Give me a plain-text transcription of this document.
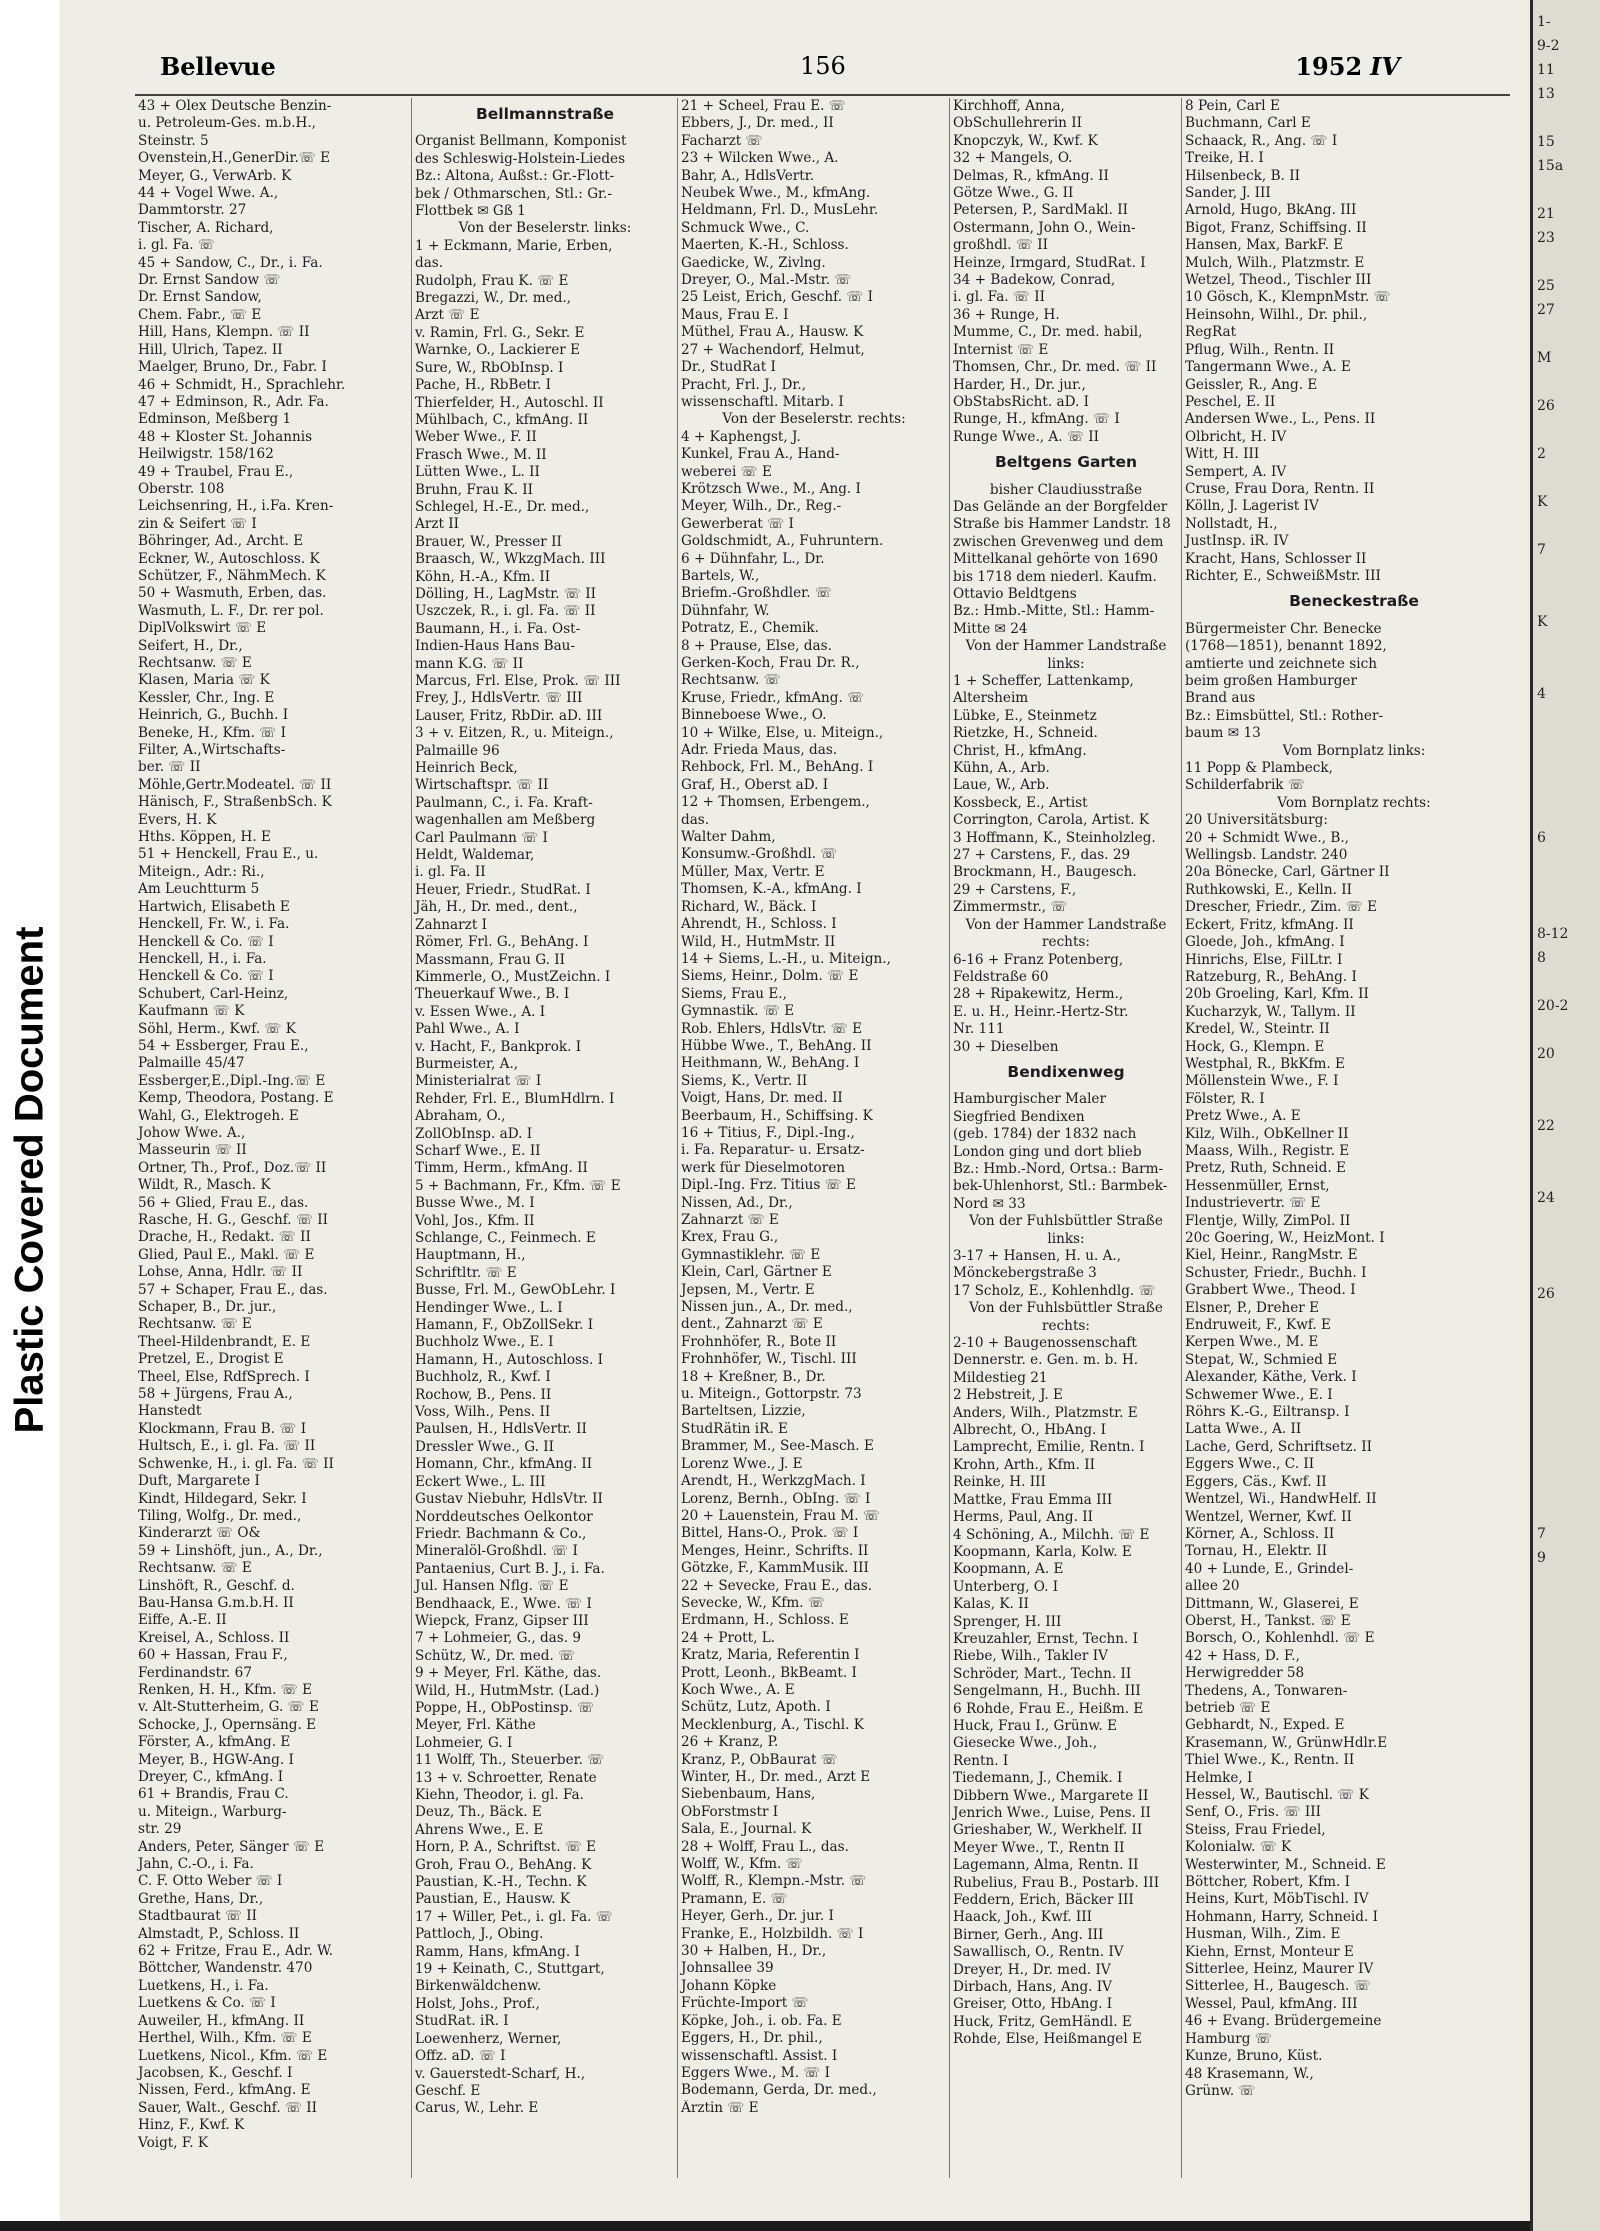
Plastic Covered Document
Bellevue	156	1952 IV
43 + Olex Deutsche Benzin-
u. Petroleum-Ges. m.b.H.,
Steinstr. 5
Ovenstein,H.,GenerDir.☏ E
Meyer, G., VerwArb. K
44 + Vogel Wwe. A.,
Dammtorstr. 27
Tischer, A. Richard,
i. gl. Fa. ☏
45 + Sandow, C., Dr., i. Fa.
Dr. Ernst Sandow ☏
Dr. Ernst Sandow,
Chem. Fabr., ☏ E
Hill, Hans, Klempn. ☏ II
Hill, Ulrich, Tapez. II
Maelger, Bruno, Dr., Fabr. I
46 + Schmidt, H., Sprachlehr.
47 + Edminson, R., Adr. Fa.
Edminson, Meßberg 1
48 + Kloster St. Johannis
Heilwigstr. 158/162
49 + Traubel, Frau E.,
Oberstr. 108
Leichsenring, H., i.Fa. Kren-
zin & Seifert ☏ I
Böhringer, Ad., Archt. E
Eckner, W., Autoschloss. K
Schützer, F., NähmMech. K
50 + Wasmuth, Erben, das.
Wasmuth, L. F., Dr. rer pol.
DiplVolkswirt ☏ E
Seifert, H., Dr.,
Rechtsanw. ☏ E
Klasen, Maria ☏ K
Kessler, Chr., Ing. E
Heinrich, G., Buchh. I
Beneke, H., Kfm. ☏ I
Filter, A.,Wirtschafts-
ber. ☏ II
Möhle,Gertr.Modeatel. ☏ II
Hänisch, F., StraßenbSch. K
Evers, H. K
Hths. Köppen, H. E
51 + Henckell, Frau E., u.
Miteign., Adr.: Ri.,
Am Leuchtturm 5
Hartwich, Elisabeth E
Henckell, Fr. W., i. Fa.
Henckell & Co. ☏ I
Henckell, H., i. Fa.
Henckell & Co. ☏ I
Schubert, Carl-Heinz,
Kaufmann ☏ K
Söhl, Herm., Kwf. ☏ K
54 + Essberger, Frau E.,
Palmaille 45/47
Essberger,E.,Dipl.-Ing.☏ E
Kemp, Theodora, Postang. E
Wahl, G., Elektrogeh. E
Johow Wwe. A.,
Masseurin ☏ II
Ortner, Th., Prof., Doz.☏ II
Wildt, R., Masch. K
56 + Glied, Frau E., das.
Rasche, H. G., Geschf. ☏ II
Drache, H., Redakt. ☏ II
Glied, Paul E., Makl. ☏ E
Lohse, Anna, Hdlr. ☏ II
57 + Schaper, Frau E., das.
Schaper, B., Dr. jur.,
Rechtsanw. ☏ E
Theel-Hildenbrandt, E. E
Pretzel, E., Drogist E
Theel, Else, RdfSprech. I
58 + Jürgens, Frau A.,
Hanstedt
Klockmann, Frau B. ☏ I
Hultsch, E., i. gl. Fa. ☏ II
Schwenke, H., i. gl. Fa. ☏ II
Duft, Margarete I
Kindt, Hildegard, Sekr. I
Tiling, Wolfg., Dr. med.,
Kinderarzt ☏ O&
59 + Linshöft, jun., A., Dr.,
Rechtsanw. ☏ E
Linshöft, R., Geschf. d.
Bau-Hansa G.m.b.H. II
Eiffe, A.-E. II
Kreisel, A., Schloss. II
60 + Hassan, Frau F.,
Ferdinandstr. 67
Renken, H. H., Kfm. ☏ E
v. Alt-Stutterheim, G. ☏ E
Schocke, J., Opernsäng. E
Förster, A., kfmAng. E
Meyer, B., HGW-Ang. I
Dreyer, C., kfmAng. I
61 + Brandis, Frau C.
u. Miteign., Warburg-
str. 29
Anders, Peter, Sänger ☏ E
Jahn, C.-O., i. Fa.
C. F. Otto Weber ☏ I
Grethe, Hans, Dr.,
Stadtbaurat ☏ II
Almstadt, P., Schloss. II
62 + Fritze, Frau E., Adr. W.
Böttcher, Wandenstr. 470
Luetkens, H., i. Fa.
Luetkens & Co. ☏ I
Auweiler, H., kfmAng. II
Herthel, Wilh., Kfm. ☏ E
Luetkens, Nicol., Kfm. ☏ E
Jacobsen, K., Geschf. I
Nissen, Ferd., kfmAng. E
Sauer, Walt., Geschf. ☏ II
Hinz, F., Kwf. K
Voigt, F. K
Bellmannstraße
Organist Bellmann, Komponist
des Schleswig-Holstein-Liedes
Bz.: Altona, Außst.: Gr.-Flott-
bek / Othmarschen, Stl.: Gr.-
Flottbek ✉ Gß 1
Von der Beselerstr. links:
1 + Eckmann, Marie, Erben,
das.
Rudolph, Frau K. ☏ E
Bregazzi, W., Dr. med.,
Arzt ☏ E
v. Ramin, Frl. G., Sekr. E
Warnke, O., Lackierer E
Sure, W., RbObInsp. I
Pache, H., RbBetr. I
Thierfelder, H., Autoschl. II
Mühlbach, C., kfmAng. II
Weber Wwe., F. II
Frasch Wwe., M. II
Lütten Wwe., L. II
Bruhn, Frau K. II
Schlegel, H.-E., Dr. med.,
Arzt II
Brauer, W., Presser II
Braasch, W., WkzgMach. III
Köhn, H.-A., Kfm. II
Dölling, H., LagMstr. ☏ II
Uszczek, R., i. gl. Fa. ☏ II
Baumann, H., i. Fa. Ost-
Indien-Haus Hans Bau-
mann K.G. ☏ II
Marcus, Frl. Else, Prok. ☏ III
Frey, J., HdlsVertr. ☏ III
Lauser, Fritz, RbDir. aD. III
3 + v. Eitzen, R., u. Miteign.,
Palmaille 96
Heinrich Beck,
Wirtschaftspr. ☏ II
Paulmann, C., i. Fa. Kraft-
wagenhallen am Meßberg
Carl Paulmann ☏ I
Heldt, Waldemar,
i. gl. Fa. II
Heuer, Friedr., StudRat. I
Jäh, H., Dr. med., dent.,
Zahnarzt I
Römer, Frl. G., BehAng. I
Massmann, Frau G. II
Kimmerle, O., MustZeichn. I
Theuerkauf Wwe., B. I
v. Essen Wwe., A. I
Pahl Wwe., A. I
v. Hacht, F., Bankprok. I
Burmeister, A.,
Ministerialrat ☏ I
Rehder, Frl. E., BlumHdlrn. I
Abraham, O.,
ZollObInsp. aD. I
Scharf Wwe., E. II
Timm, Herm., kfmAng. II
5 + Bachmann, Fr., Kfm. ☏ E
Busse Wwe., M. I
Vohl, Jos., Kfm. II
Schlange, C., Feinmech. E
Hauptmann, H.,
Schriftltr. ☏ E
Busse, Frl. M., GewObLehr. I
Hendinger Wwe., L. I
Hamann, F., ObZollSekr. I
Buchholz Wwe., E. I
Hamann, H., Autoschloss. I
Buchholz, R., Kwf. I
Rochow, B., Pens. II
Voss, Wilh., Pens. II
Paulsen, H., HdlsVertr. II
Dressler Wwe., G. II
Homann, Chr., kfmAng. II
Eckert Wwe., L. III
Gustav Niebuhr, HdlsVtr. II
Norddeutsches Oelkontor
Friedr. Bachmann & Co.,
Mineralöl-Großhdl. ☏ I
Pantaenius, Curt B. J., i. Fa.
Jul. Hansen Nflg. ☏ E
Bendhaack, E., Wwe. ☏ I
Wiepck, Franz, Gipser III
7 + Lohmeier, G., das. 9
Schütz, W., Dr. med. ☏
9 + Meyer, Frl. Käthe, das.
Wild, H., HutmMstr. (Lad.)
Poppe, H., ObPostinsp. ☏
Meyer, Frl. Käthe
Lohmeier, G. I
11 Wolff, Th., Steuerber. ☏
13 + v. Schroetter, Renate
Kiehn, Theodor, i. gl. Fa.
Deuz, Th., Bäck. E
Ahrens Wwe., E. E
Horn, P. A., Schriftst. ☏ E
Groh, Frau O., BehAng. K
Paustian, K.-H., Techn. K
Paustian, E., Hausw. K
17 + Willer, Pet., i. gl. Fa. ☏
Pattloch, J., Obing.
Ramm, Hans, kfmAng. I
19 + Keinath, C., Stuttgart,
Birkenwäldchenw.
Holst, Johs., Prof.,
StudRat. iR. I
Loewenherz, Werner,
Offz. aD. ☏ I
v. Gauerstedt-Scharf, H.,
Geschf. E
Carus, W., Lehr. E
21 + Scheel, Frau E. ☏
Ebbers, J., Dr. med., II
Facharzt ☏
23 + Wilcken Wwe., A.
Bahr, A., HdlsVertr.
Neubek Wwe., M., kfmAng.
Heldmann, Frl. D., MusLehr.
Schmuck Wwe., C.
Maerten, K.-H., Schloss.
Gaedicke, W., Zivlng.
Dreyer, O., Mal.-Mstr. ☏
25 Leist, Erich, Geschf. ☏ I
Maus, Frau E. I
Müthel, Frau A., Hausw. K
27 + Wachendorf, Helmut,
Dr., StudRat I
Pracht, Frl. J., Dr.,
wissenschaftl. Mitarb. I
Von der Beselerstr. rechts:
4 + Kaphengst, J.
Kunkel, Frau A., Hand-
weberei ☏ E
Krötzsch Wwe., M., Ang. I
Meyer, Wilh., Dr., Reg.-
Gewerberat ☏ I
Goldschmidt, A., Fuhruntern.
6 + Dühnfahr, L., Dr.
Bartels, W.,
Briefm.-Großhdler. ☏
Dühnfahr, W.
Potratz, E., Chemik.
8 + Prause, Else, das.
Gerken-Koch, Frau Dr. R.,
Rechtsanw. ☏
Kruse, Friedr., kfmAng. ☏
Binneboese Wwe., O.
10 + Wilke, Else, u. Miteign.,
Adr. Frieda Maus, das.
Rehbock, Frl. M., BehAng. I
Graf, H., Oberst aD. I
12 + Thomsen, Erbengem.,
das.
Walter Dahm,
Konsumw.-Großhdl. ☏
Müller, Max, Vertr. E
Thomsen, K.-A., kfmAng. I
Richard, W., Bäck. I
Ahrendt, H., Schloss. I
Wild, H., HutmMstr. II
14 + Siems, L.-H., u. Miteign.,
Siems, Heinr., Dolm. ☏ E
Siems, Frau E.,
Gymnastik. ☏ E
Rob. Ehlers, HdlsVtr. ☏ E
Hübbe Wwe., T., BehAng. II
Heithmann, W., BehAng. I
Siems, K., Vertr. II
Voigt, Hans, Dr. med. II
Beerbaum, H., Schiffsing. K
16 + Titius, F., Dipl.-Ing.,
i. Fa. Reparatur- u. Ersatz-
werk für Dieselmotoren
Dipl.-Ing. Frz. Titius ☏ E
Nissen, Ad., Dr.,
Zahnarzt ☏ E
Krex, Frau G.,
Gymnastiklehr. ☏ E
Klein, Carl, Gärtner E
Jepsen, M., Vertr. E
Nissen jun., A., Dr. med.,
dent., Zahnarzt ☏ E
Frohnhöfer, R., Bote II
Frohnhöfer, W., Tischl. III
18 + Kreßner, B., Dr.
u. Miteign., Gottorpstr. 73
Barteltsen, Lizzie,
StudRätin iR. E
Brammer, M., See-Masch. E
Lorenz Wwe., J. E
Arendt, H., WerkzgMach. I
Lorenz, Bernh., ObIng. ☏ I
20 + Lauenstein, Frau M. ☏
Bittel, Hans-O., Prok. ☏ I
Menges, Heinr., Schrifts. II
Götzke, F., KammMusik. III
22 + Sevecke, Frau E., das.
Sevecke, W., Kfm. ☏
Erdmann, H., Schloss. E
24 + Prott, L.
Kratz, Maria, Referentin I
Prott, Leonh., BkBeamt. I
Koch Wwe., A. E
Schütz, Lutz, Apoth. I
Mecklenburg, A., Tischl. K
26 + Kranz, P.
Kranz, P., ObBaurat ☏
Winter, H., Dr. med., Arzt E
Siebenbaum, Hans,
ObForstmstr I
Sala, E., Journal. K
28 + Wolff, Frau L., das.
Wolff, W., Kfm. ☏
Wolff, R., Klempn.-Mstr. ☏
Pramann, E. ☏
Heyer, Gerh., Dr. jur. I
Franke, E., Holzbildh. ☏ I
30 + Halben, H., Dr.,
Johnsallee 39
Johann Köpke
Früchte-Import ☏
Köpke, Joh., i. ob. Fa. E
Eggers, H., Dr. phil.,
wissenschaftl. Assist. I
Eggers Wwe., M. ☏ I
Bodemann, Gerda, Dr. med.,
Ärztin ☏ E
Kirchhoff, Anna,
ObSchullehrerin II
Knopczyk, W., Kwf. K
32 + Mangels, O.
Delmas, R., kfmAng. II
Götze Wwe., G. II
Petersen, P., SardMakl. II
Ostermann, John O., Wein-
großhdl. ☏ II
Heinze, Irmgard, StudRat. I
34 + Badekow, Conrad,
i. gl. Fa. ☏ II
36 + Runge, H.
Mumme, C., Dr. med. habil,
Internist ☏ E
Thomsen, Chr., Dr. med. ☏ II
Harder, H., Dr. jur.,
ObStabsRicht. aD. I
Runge, H., kfmAng. ☏ I
Runge Wwe., A. ☏ II
Beltgens Garten
bisher Claudiusstraße
Das Gelände an der Borgfelder
Straße bis Hammer Landstr. 18
zwischen Grevenweg und dem
Mittelkanal gehörte von 1690
bis 1718 dem niederl. Kaufm.
Ottavio Beldtgens
Bz.: Hmb.-Mitte, Stl.: Hamm-
Mitte ✉ 24
Von der Hammer Landstraße
links:
1 + Scheffer, Lattenkamp,
Altersheim
Lübke, E., Steinmetz
Rietzke, H., Schneid.
Christ, H., kfmAng.
Kühn, A., Arb.
Laue, W., Arb.
Kossbeck, E., Artist
Corrington, Carola, Artist. K
3 Hoffmann, K., Steinholzleg.
27 + Carstens, F., das. 29
Brockmann, H., Baugesch.
29 + Carstens, F.,
Zimmermstr., ☏
Von der Hammer Landstraße
rechts:
6-16 + Franz Potenberg,
Feldstraße 60
28 + Ripakewitz, Herm.,
E. u. H., Heinr.-Hertz-Str.
Nr. 111
30 + Dieselben
Bendixenweg
Hamburgischer Maler
Siegfried Bendixen
(geb. 1784) der 1832 nach
London ging und dort blieb
Bz.: Hmb.-Nord, Ortsa.: Barm-
bek-Uhlenhorst, Stl.: Barmbek-
Nord ✉ 33
Von der Fuhlsbüttler Straße
links:
3-17 + Hansen, H. u. A.,
Mönckebergstraße 3
17 Scholz, E., Kohlenhdlg. ☏
Von der Fuhlsbüttler Straße
rechts:
2-10 + Baugenossenschaft
Dennerstr. e. Gen. m. b. H.
Mildestieg 21
2 Hebstreit, J. E
Anders, Wilh., Platzmstr. E
Albrecht, O., HbAng. I
Lamprecht, Emilie, Rentn. I
Krohn, Arth., Kfm. II
Reinke, H. III
Mattke, Frau Emma III
Herms, Paul, Ang. II
4 Schöning, A., Milchh. ☏ E
Koopmann, Karla, Kolw. E
Koopmann, A. E
Unterberg, O. I
Kalas, K. II
Sprenger, H. III
Kreuzahler, Ernst, Techn. I
Riebe, Wilh., Takler IV
Schröder, Mart., Techn. II
Sengelmann, H., Buchh. III
6 Rohde, Frau E., Heißm. E
Huck, Frau I., Grünw. E
Giesecke Wwe., Joh.,
Rentn. I
Tiedemann, J., Chemik. I
Dibbern Wwe., Margarete II
Jenrich Wwe., Luise, Pens. II
Grieshaber, W., Werkhelf. II
Meyer Wwe., T., Rentn II
Lagemann, Alma, Rentn. II
Rubelius, Frau B., Postarb. III
Feddern, Erich, Bäcker III
Haack, Joh., Kwf. III
Birner, Gerh., Ang. III
Sawallisch, O., Rentn. IV
Dreyer, H., Dr. med. IV
Dirbach, Hans, Ang. IV
Greiser, Otto, HbAng. I
Huck, Fritz, GemHändl. E
Rohde, Else, Heißmangel E
8 Pein, Carl E
Buchmann, Carl E
Schaack, R., Ang. ☏ I
Treike, H. I
Hilsenbeck, B. II
Sander, J. III
Arnold, Hugo, BkAng. III
Bigot, Franz, Schiffsing. II
Hansen, Max, BarkF. E
Mulch, Wilh., Platzmstr. E
Wetzel, Theod., Tischler III
10 Gösch, K., KlempnMstr. ☏
Heinsohn, Wilhl., Dr. phil.,
RegRat
Pflug, Wilh., Rentn. II
Tangermann Wwe., A. E
Geissler, R., Ang. E
Peschel, E. II
Andersen Wwe., L., Pens. II
Olbricht, H. IV
Witt, H. III
Sempert, A. IV
Cruse, Frau Dora, Rentn. II
Kölln, J. Lagerist IV
Nollstadt, H.,
JustInsp. iR. IV
Kracht, Hans, Schlosser II
Richter, E., SchweißMstr. III
Beneckestraße
Bürgermeister Chr. Benecke
(1768—1851), benannt 1892,
amtierte und zeichnete sich
beim großen Hamburger
Brand aus
Bz.: Eimsbüttel, Stl.: Rother-
baum ✉ 13
Vom Bornplatz links:
11 Popp & Plambeck,
Schilderfabrik ☏
Vom Bornplatz rechts:
20 Universitätsburg:
20 + Schmidt Wwe., B.,
Wellingsb. Landstr. 240
20a Bönecke, Carl, Gärtner II
Ruthkowski, E., Kelln. II
Drescher, Friedr., Zim. ☏ E
Eckert, Fritz, kfmAng. II
Gloede, Joh., kfmAng. I
Hinrichs, Else, FilLtr. I
Ratzeburg, R., BehAng. I
20b Groeling, Karl, Kfm. II
Kucharzyk, W., Tallym. II
Kredel, W., Steintr. II
Hock, G., Klempn. E
Westphal, R., BkKfm. E
Möllenstein Wwe., F. I
Fölster, R. I
Pretz Wwe., A. E
Kilz, Wilh., ObKellner II
Maass, Wilh., Registr. E
Pretz, Ruth, Schneid. E
Hessenmüller, Ernst,
Industrievertr. ☏ E
Flentje, Willy, ZimPol. II
20c Goering, W., HeizMont. I
Kiel, Heinr., RangMstr. E
Schuster, Friedr., Buchh. I
Grabbert Wwe., Theod. I
Elsner, P., Dreher E
Endruweit, F., Kwf. E
Kerpen Wwe., M. E
Stepat, W., Schmied E
Alexander, Käthe, Verk. I
Schwemer Wwe., E. I
Röhrs K.-G., Eiltransp. I
Latta Wwe., A. II
Lache, Gerd, Schriftsetz. II
Eggers Wwe., C. II
Eggers, Cäs., Kwf. II
Wentzel, Wi., HandwHelf. II
Wentzel, Werner, Kwf. II
Körner, A., Schloss. II
Tornau, H., Elektr. II
40 + Lunde, E., Grindel-
allee 20
Dittmann, W., Glaserei, E
Oberst, H., Tankst. ☏ E
Borsch, O., Kohlenhdl. ☏ E
42 + Hass, D. F.,
Herwigredder 58
Thedens, A., Tonwaren-
betrieb ☏ E
Gebhardt, N., Exped. E
Krasemann, W., GrünwHdlr.E
Thiel Wwe., K., Rentn. II
Helmke, I
Hessel, W., Bautischl. ☏ K
Senf, O., Fris. ☏ III
Steiss, Frau Friedel,
Kolonialw. ☏ K
Westerwinter, M., Schneid. E
Böttcher, Robert, Kfm. I
Heins, Kurt, MöbTischl. IV
Hohmann, Harry, Schneid. I
Husman, Wilh., Zim. E
Kiehn, Ernst, Monteur E
Sitterlee, Heinz, Maurer IV
Sitterlee, H., Baugesch. ☏
Wessel, Paul, kfmAng. III
46 + Evang. Brüdergemeine
Hamburg ☏
Kunze, Bruno, Küst.
48 Krasemann, W.,
Grünw. ☏
1-
9-2
11
13

15
15a

21
23

25
27

M

26

2

K

7

K

4

6

8-12
8

20-2

20

22

24

26

7
9
